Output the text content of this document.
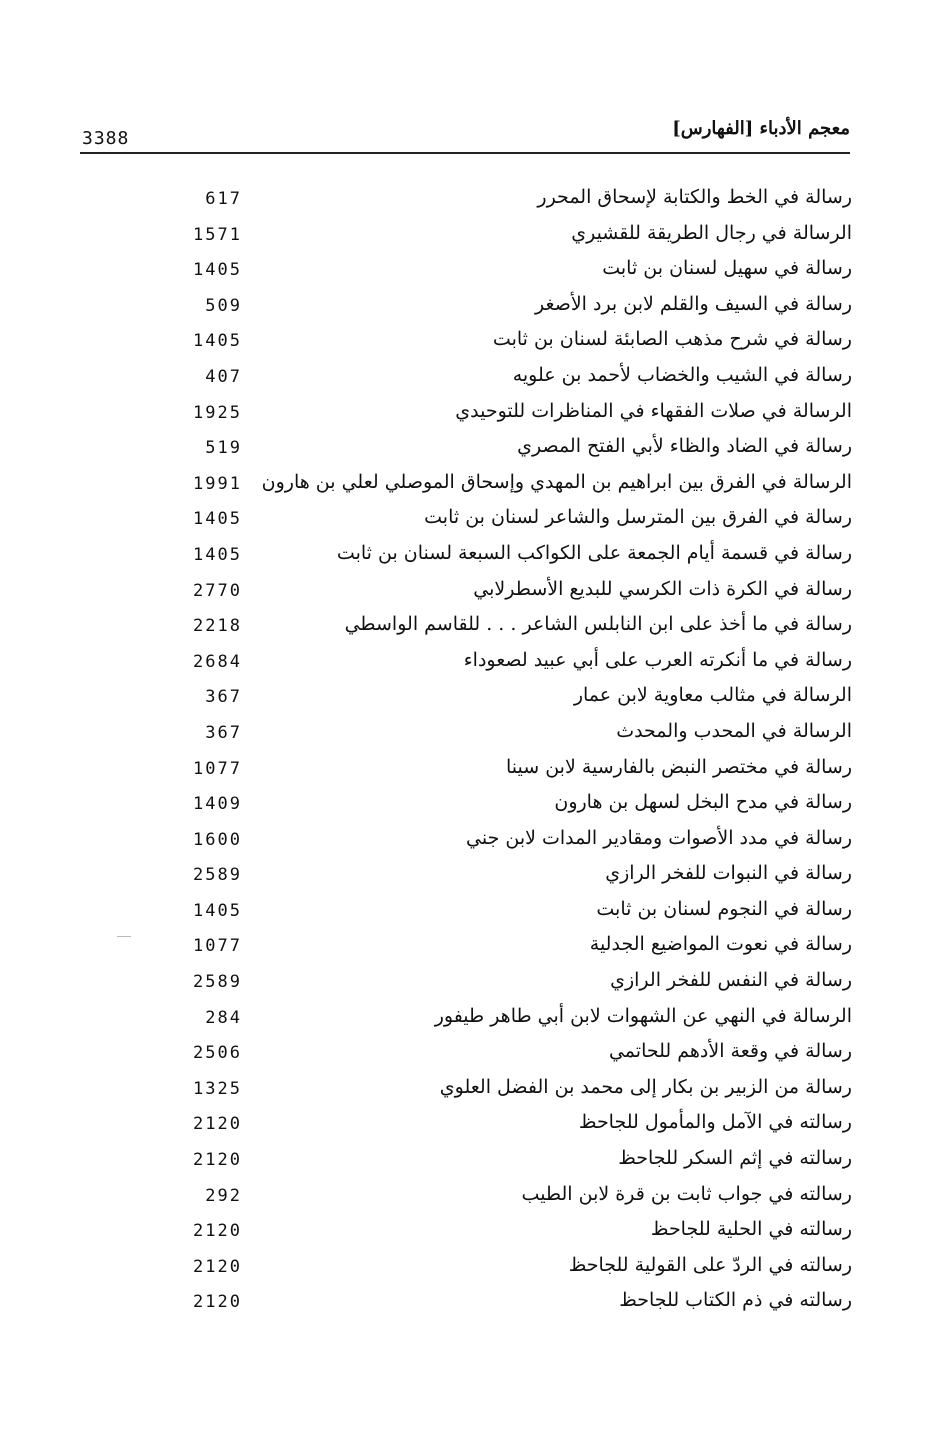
3388	معجم الأدباء [الفهارس]
رسالة في الخط والكتابة لإسحاق المحرر
617
الرسالة في رجال الطريقة للقشيري
1571
رسالة في سهيل لسنان بن ثابت
1405
رسالة في السيف والقلم لابن برد الأصغر
509
رسالة في شرح مذهب الصابئة لسنان بن ثابت
1405
رسالة في الشيب والخضاب لأحمد بن علويه
407
الرسالة في صلات الفقهاء في المناظرات للتوحيدي
1925
رسالة في الضاد والظاء لأبي الفتح المصري
519
الرسالة في الفرق بين ابراهيم بن المهدي وإسحاق الموصلي لعلي بن هارون
1991
رسالة في الفرق بين المترسل والشاعر لسنان بن ثابت
1405
رسالة في قسمة أيام الجمعة على الكواكب السبعة لسنان بن ثابت
1405
رسالة في الكرة ذات الكرسي للبديع الأسطرلابي
2770
رسالة في ما أخذ على ابن النابلس الشاعر . . . للقاسم الواسطي
2218
رسالة في ما أنكرته العرب على أبي عبيد لصعوداء
2684
الرسالة في مثالب معاوية لابن عمار
367
الرسالة في المحدب والمحدث
367
رسالة في مختصر النبض بالفارسية لابن سينا
1077
رسالة في مدح البخل لسهل بن هارون
1409
رسالة في مدد الأصوات ومقادير المدات لابن جني
1600
رسالة في النبوات للفخر الرازي
2589
رسالة في النجوم لسنان بن ثابت
1405
رسالة في نعوت المواضيع الجدلية
1077
رسالة في النفس للفخر الرازي
2589
الرسالة في النهي عن الشهوات لابن أبي طاهر طيفور
284
رسالة في وقعة الأدهم للحاتمي
2506
رسالة من الزبير بن بكار إلى محمد بن الفضل العلوي
1325
رسالته في الآمل والمأمول للجاحظ
2120
رسالته في إثم السكر للجاحظ
2120
رسالته في جواب ثابت بن قرة لابن الطيب
292
رسالته في الحلية للجاحظ
2120
رسالته في الردّ على القولية للجاحظ
2120
رسالته في ذم الكتاب للجاحظ
2120
